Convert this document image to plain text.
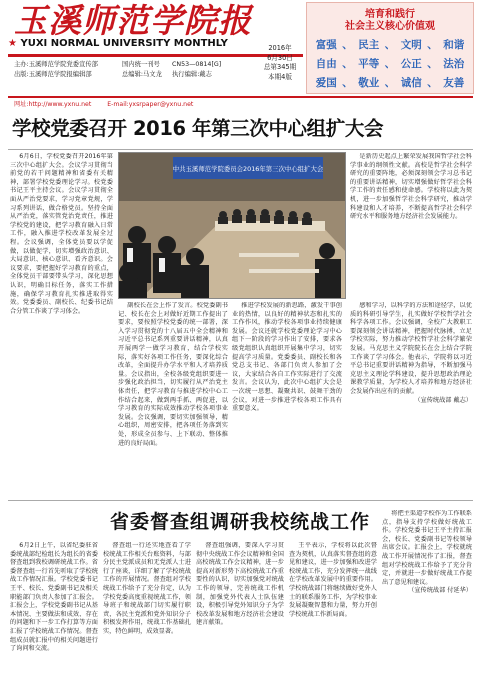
玉溪师范学院报
★ YUXI NORMAL UNIVERSITY MONTHLY
主办:玉溪师范学院党委宣传部	国内统一刊号	CN53—0814[G]
出版:玉溪师范学院报编辑部	总编辑:马文龙	执行编辑:戴志
2016年
6月30日
总第345期
本期4版
网址:http://www.yxnu.net	E-mail:yxsrpaper@yxnu.net
培育和践行
社会主义核心价值观
富强 、 民主 、 文明 、 和谐
自由 、 平等 、 公正 、 法治
爱国 、 敬业 、 诚信 、 友善
学校党委召开 2016 年第三次中心组扩大会
中共玉溪师范学院委员会2016年第三次中心组扩大会

6月6日，学校党委召开2016年第三次中心组扩大会。会议学习贯彻当前党的若干问题精神和省委有关精神，部署学校党委理论学习。校党委书记王平主持会议。会议学习贯彻全面从严治党要求，学习党章党规，学习系列讲话，做合格党员。坚持全面从严治党，落实管党治党责任，推进学校党的建设，把学习教育融入日常工作，融入推进学校改革发展全过程。会议强调，全体党员要以学促做，以做促学，切实增强政治意识、大局意识、核心意识、看齐意识。会议要求，要把握好学习教育的重点，全体党员干部要带头学习，深化思想认识，明确目标任务，落实工作措施，确保学习教育扎实推进取得实效。党委委员、副校长、纪委书记结合分管工作谈了学习体会。

副校长在会上作了发言。校党委副书记、校长在会上对做好近期工作提出了要求，要按照学校党委的统一部署，深入学习贯彻党的十八届五中全会精神和习近平总书记系列重要讲话精神，认真开展两学一做学习教育，结合学校实际，落实好各项工作任务，要深化综合改革，全面提升办学水平和人才培养质量。会议指出，全校各级党组织要进一步强化政治担当，切实履行从严治党主体责任，把学习教育与推进学校中心工作结合起来，做到两手抓、两促进，以学习教育的实际成效推动学校各项事业发展。会议强调，要切实加强领导，精心组织，周密安排，把各项任务落到实处，形成全员参与、上下联动、整体推进的良好局面。

推进学校发展的新思路，激发干事创业的热情，以良好的精神状态和扎实的工作作风，推动学校各项事业持续健康发展。会议还就学校党委理论学习中心组下一阶段的学习作出了安排，要求各级党组织认真组织开展集中学习，切实提高学习质量。党委委员、副校长和各党总支书记、各部门负责人参加了会议，大家结合各自工作实际进行了交流发言。会议认为，此次中心组扩大会是一次统一思想、凝聚共识、鼓舞干劲的会议，对进一步推进学校各项工作具有重要意义。

是新历史起点上繁荣发展我国哲学社会科学事业的纲领性文献。高校是哲学社会科学研究的重要阵地，必须深刻领会学习总书记的重要讲话精神，切实增强做好哲学社会科学工作的责任感和使命感。学校将以此为契机，进一步加强哲学社会科学研究，推动学科建设和人才培养，不断提高哲学社会科学研究水平和服务地方经济社会发展能力。

感和学习，以科学的方法和途径学，以优质的科研引导学生，扎实做好学校哲学社会科学各项工作。会议强调，全校广大教职工要深刻领会讲话精神，把握时代脉搏，立足学校实际，努力推动学校哲学社会科学繁荣发展。马克思主义学院院长在会上结合学院工作谈了学习体会。他表示，学院将以习近平总书记重要讲话精神为指导，不断加强马克思主义理论学科建设，提升思想政治理论课教学质量，为学校人才培养和地方经济社会发展作出应有的贡献。

（宣传统战部 戴志）
省委督查组调研我校统战工作

6月2日上午，以省纪委驻省委统战部纪检组长为组长的省委督查组到我校调研统战工作。省委督查组一行首先听取了学校统战工作情况汇报。学校党委书记王平、校长、党委副书记及相关职能部门负责人参加了汇报会。汇报会上，学校党委副书记从基本情况、主要做法和成效、存在的问题和下一步工作打算等方面汇报了学校统战工作情况。督查组成员就汇报中的相关问题进行了询问和交流。

督查组一行还实地查看了学校统战工作相关台账资料，与部分民主党派成员和无党派人士进行了座谈，详细了解了学校统战工作的开展情况。督查组对学校统战工作给予了充分肯定，认为学校党委高度重视统战工作，领导班子和统战部门切实履行职责，各民主党派和党外知识分子积极发挥作用，统战工作基础扎实，特色鲜明，成效显著。

督查组强调，要深入学习贯彻中央统战工作会议精神和全国高校统战工作会议精神，进一步提高对新形势下高校统战工作重要性的认识，切实加强党对统战工作的领导，完善统战工作机制，加强党外代表人士队伍建设，积极引导党外知识分子为学校改革发展和地方经济社会建设建言献策。

王平表示，学校将以此次督查为契机，认真落实督查组的意见和建议，进一步加强和改进学校统战工作，充分发挥统一战线在学校改革发展中的重要作用。学校统战部门将继续做好党外人士的联系服务工作，为学校事业发展凝聚智慧和力量，努力开创学校统战工作新局面。

将把主渠道学校作为工作联系点，指导支持学校做好统战工作。学校党委书记王平主持汇报会，校长、党委副书记等校领导出席会议。汇报会上，学校就统战工作开展情况作了汇报，督查组对学校统战工作给予了充分肯定，并就进一步做好统战工作提出了意见和建议。

（宣传统战部 付延华）
